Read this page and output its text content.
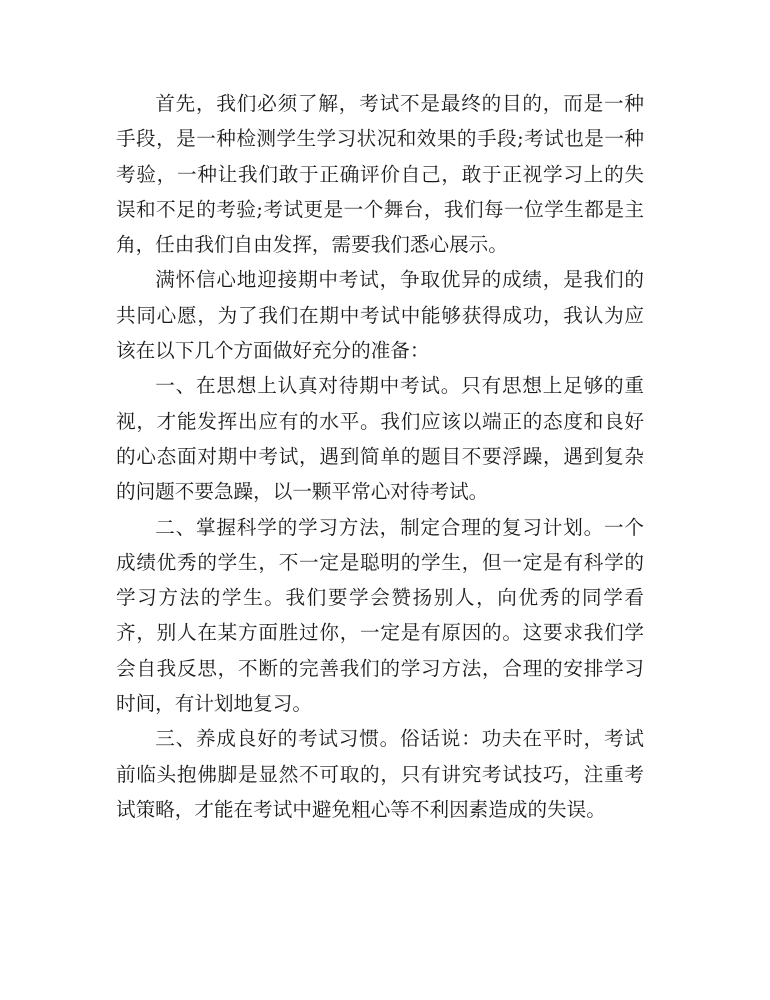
首先，我们必须了解，考试不是最终的目的，而是一种手段，是一种检测学生学习状况和效果的手段;考试也是一种考验，一种让我们敢于正确评价自己，敢于正视学习上的失误和不足的考验;考试更是一个舞台，我们每一位学生都是主角，任由我们自由发挥，需要我们悉心展示。

满怀信心地迎接期中考试，争取优异的成绩，是我们的共同心愿，为了我们在期中考试中能够获得成功，我认为应该在以下几个方面做好充分的准备：

一、在思想上认真对待期中考试。只有思想上足够的重视，才能发挥出应有的水平。我们应该以端正的态度和良好的心态面对期中考试，遇到简单的题目不要浮躁，遇到复杂的问题不要急躁，以一颗平常心对待考试。

二、掌握科学的学习方法，制定合理的复习计划。一个成绩优秀的学生，不一定是聪明的学生，但一定是有科学的学习方法的学生。我们要学会赞扬别人，向优秀的同学看齐，别人在某方面胜过你，一定是有原因的。这要求我们学会自我反思，不断的完善我们的学习方法，合理的安排学习时间，有计划地复习。

三、养成良好的考试习惯。俗话说：功夫在平时，考试前临头抱佛脚是显然不可取的，只有讲究考试技巧，注重考试策略，才能在考试中避免粗心等不利因素造成的失误。
